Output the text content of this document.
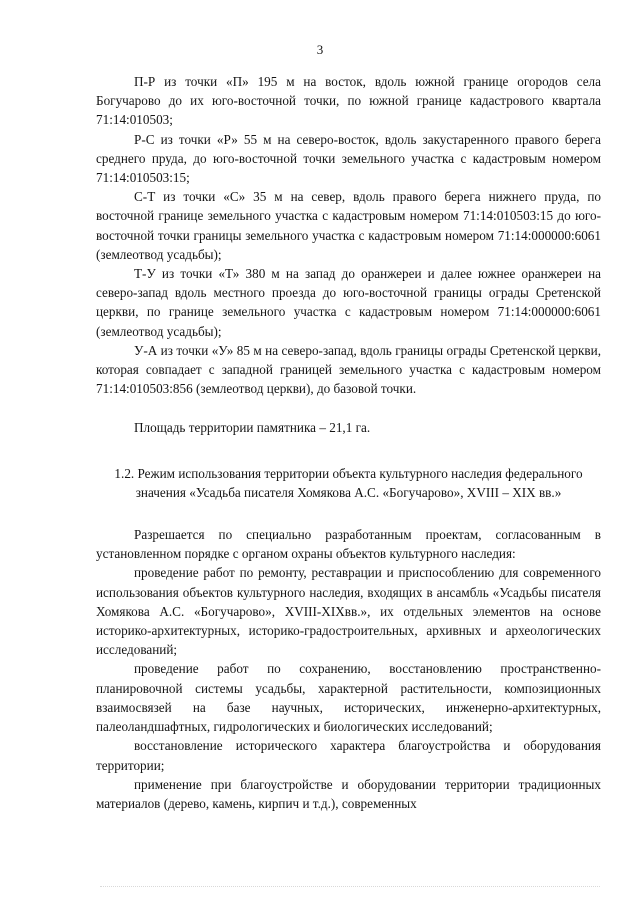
3

П-Р из точки «П» 195 м на восток, вдоль южной границе огородов села Богучарово до их юго-восточной точки, по южной границе кадастрового квартала 71:14:010503;

Р-С из точки «Р» 55 м на северо-восток, вдоль закустаренного правого берега среднего пруда, до юго-восточной точки земельного участка с кадастровым номером 71:14:010503:15;

С-Т из точки «С» 35 м на север, вдоль правого берега нижнего пруда, по восточной границе земельного участка с кадастровым номером 71:14:010503:15 до юго-восточной точки границы земельного участка с кадастровым номером 71:14:000000:6061 (землеотвод усадьбы);

Т-У из точки «Т» 380 м на запад до оранжереи и далее южнее оранжереи на северо-запад вдоль местного проезда до юго-восточной границы ограды Сретенской церкви, по границе земельного участка с кадастровым номером 71:14:000000:6061 (землеотвод усадьбы);

У-А из точки «У» 85 м на северо-запад, вдоль границы ограды Сретенской церкви, которая совпадает с западной границей земельного участка с кадастровым номером 71:14:010503:856 (землеотвод церкви), до базовой точки.

Площадь территории памятника – 21,1 га.

1.2. Режим использования территории объекта культурного наследия федерального значения «Усадьба писателя Хомякова А.С. «Богучарово», XVIII – XIX вв.»

Разрешается по специально разработанным проектам, согласованным в установленном порядке с органом охраны объектов культурного наследия:

проведение работ по ремонту, реставрации и приспособлению для современного использования объектов культурного наследия, входящих в ансамбль «Усадьбы писателя Хомякова А.С. «Богучарово», XVIII-XIXвв.», их отдельных элементов на основе историко-архитектурных, историко-градостроительных, архивных и археологических исследований;

проведение работ по сохранению, восстановлению пространственно-планировочной системы усадьбы, характерной растительности, композиционных взаимосвязей на базе научных, исторических, инженерно-архитектурных, палеоландшафтных, гидрологических и биологических исследований;

восстановление исторического характера благоустройства и оборудования территории;

применение при благоустройстве и оборудовании территории традиционных материалов (дерево, камень, кирпич и т.д.), современных
